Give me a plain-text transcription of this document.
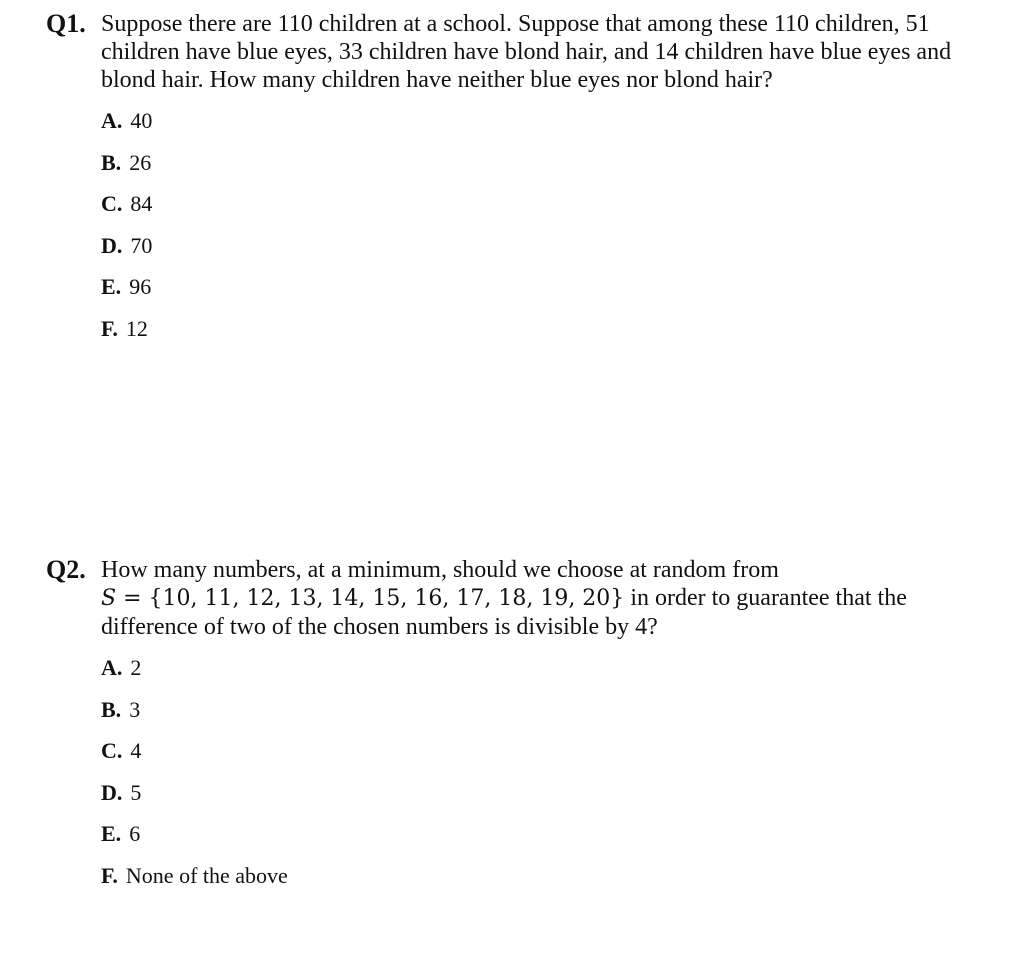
Q1. Suppose there are 110 children at a school. Suppose that among these 110 children, 51 children have blue eyes, 33 children have blond hair, and 14 children have blue eyes and blond hair. How many children have neither blue eyes nor blond hair?
A. 40
B. 26
C. 84
D. 70
E. 96
F. 12
Q2. How many numbers, at a minimum, should we choose at random from
S = {10, 11, 12, 13, 14, 15, 16, 17, 18, 19, 20} in order to guarantee that the difference of two of the chosen numbers is divisible by 4?
A. 2
B. 3
C. 4
D. 5
E. 6
F. None of the above
